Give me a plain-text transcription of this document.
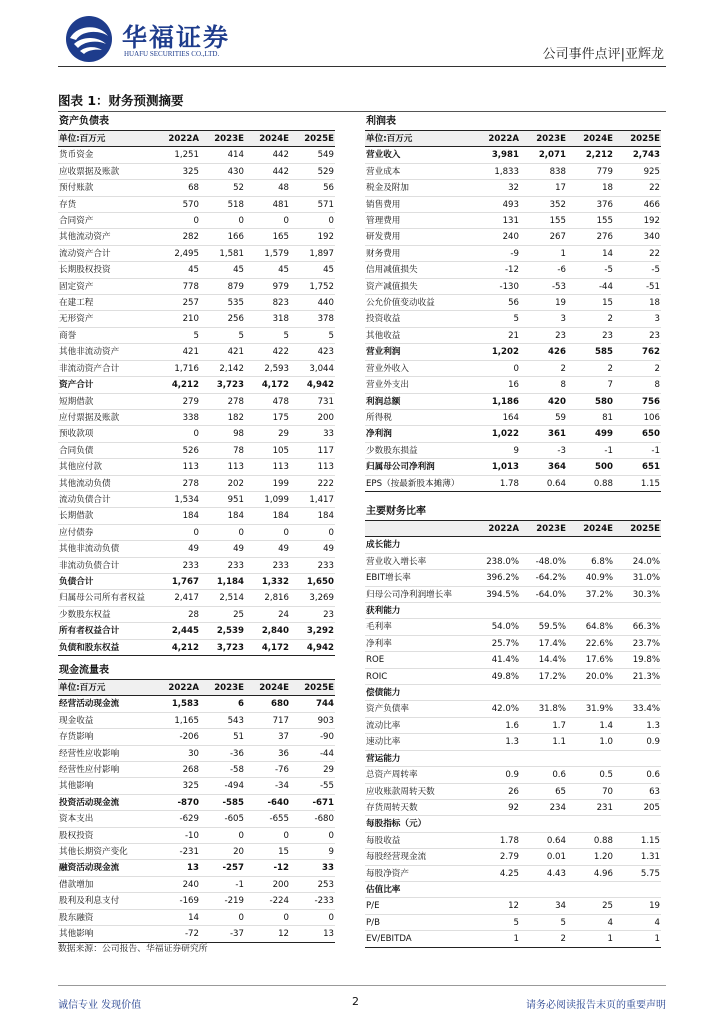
华福证券
HUAFU SECURITIES CO.,LTD.	公司事件点评|亚辉龙
图表 1：财务预测摘要
资产负债表
单位:百万元	2022A	2023E	2024E	2025E
货币资金	1,251	414	442	549
应收票据及账款	325	430	442	529
预付账款	68	52	48	56
存货	570	518	481	571
合同资产	0	0	0	0
其他流动资产	282	166	165	192
流动资产合计	2,495	1,581	1,579	1,897
长期股权投资	45	45	45	45
固定资产	778	879	979	1,752
在建工程	257	535	823	440
无形资产	210	256	318	378
商誉	5	5	5	5
其他非流动资产	421	421	422	423
非流动资产合计	1,716	2,142	2,593	3,044
资产合计	4,212	3,723	4,172	4,942
短期借款	279	278	478	731
应付票据及账款	338	182	175	200
预收款项	0	98	29	33
合同负债	526	78	105	117
其他应付款	113	113	113	113
其他流动负债	278	202	199	222
流动负债合计	1,534	951	1,099	1,417
长期借款	184	184	184	184
应付债券	0	0	0	0
其他非流动负债	49	49	49	49
非流动负债合计	233	233	233	233
负债合计	1,767	1,184	1,332	1,650
归属母公司所有者权益	2,417	2,514	2,816	3,269
少数股东权益	28	25	24	23
所有者权益合计	2,445	2,539	2,840	3,292
负债和股东权益	4,212	3,723	4,172	4,942
现金流量表
单位:百万元	2022A	2023E	2024E	2025E
经营活动现金流	1,583	6	680	744
现金收益	1,165	543	717	903
存货影响	-206	51	37	-90
经营性应收影响	30	-36	36	-44
经营性应付影响	268	-58	-76	29
其他影响	325	-494	-34	-55
投资活动现金流	-870	-585	-640	-671
资本支出	-629	-605	-655	-680
股权投资	-10	0	0	0
其他长期资产变化	-231	20	15	9
融资活动现金流	13	-257	-12	33
借款增加	240	-1	200	253
股利及利息支付	-169	-219	-224	-233
股东融资	14	0	0	0
其他影响	-72	-37	12	13
利润表
单位:百万元	2022A	2023E	2024E	2025E
营业收入	3,981	2,071	2,212	2,743
营业成本	1,833	838	779	925
税金及附加	32	17	18	22
销售费用	493	352	376	466
管理费用	131	155	155	192
研发费用	240	267	276	340
财务费用	-9	1	14	22
信用减值损失	-12	-6	-5	-5
资产减值损失	-130	-53	-44	-51
公允价值变动收益	56	19	15	18
投资收益	5	3	2	3
其他收益	21	23	23	23
营业利润	1,202	426	585	762
营业外收入	0	2	2	2
营业外支出	16	8	7	8
利润总额	1,186	420	580	756
所得税	164	59	81	106
净利润	1,022	361	499	650
少数股东损益	9	-3	-1	-1
归属母公司净利润	1,013	364	500	651
EPS（按最新股本摊薄）	1.78	0.64	0.88	1.15
主要财务比率
2022A	2023E	2024E	2025E
成长能力
营业收入增长率	238.0%	-48.0%	6.8%	24.0%
EBIT增长率	396.2%	-64.2%	40.9%	31.0%
归母公司净利润增长率	394.5%	-64.0%	37.2%	30.3%
获利能力
毛利率	54.0%	59.5%	64.8%	66.3%
净利率	25.7%	17.4%	22.6%	23.7%
ROE	41.4%	14.4%	17.6%	19.8%
ROIC	49.8%	17.2%	20.0%	21.3%
偿债能力
资产负债率	42.0%	31.8%	31.9%	33.4%
流动比率	1.6	1.7	1.4	1.3
速动比率	1.3	1.1	1.0	0.9
营运能力
总资产周转率	0.9	0.6	0.5	0.6
应收账款周转天数	26	65	70	63
存货周转天数	92	234	231	205
每股指标（元）
每股收益	1.78	0.64	0.88	1.15
每股经营现金流	2.79	0.01	1.20	1.31
每股净资产	4.25	4.43	4.96	5.75
估值比率
P/E	12	34	25	19
P/B	5	5	4	4
EV/EBITDA	1	2	1	1
数据来源：公司报告、华福证券研究所
诚信专业 发现价值	2	请务必阅读报告末页的重要声明
